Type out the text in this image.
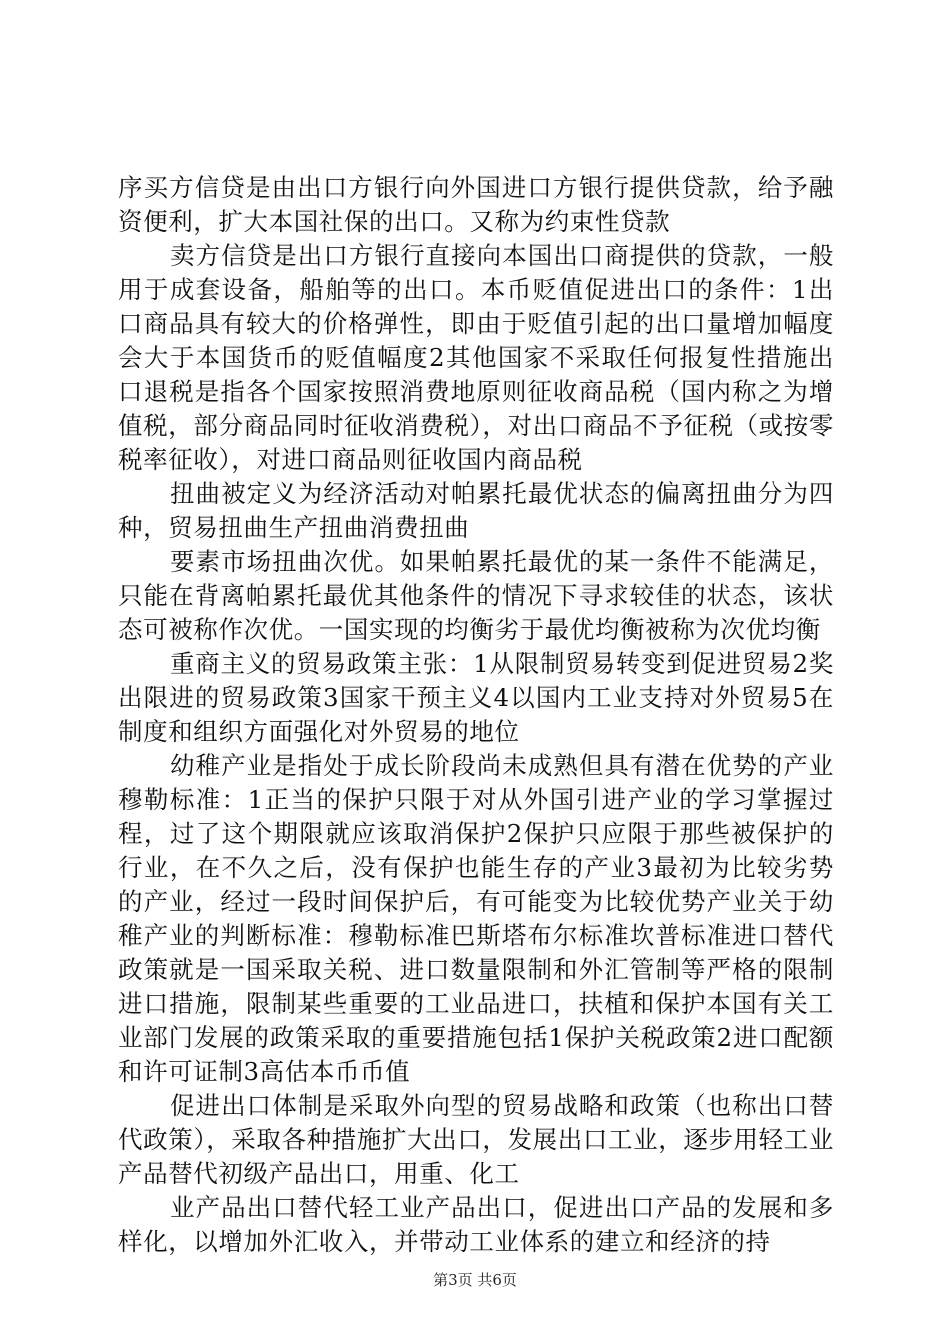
序买方信贷是由出口方银行向外国进口方银行提供贷款，给予融资便利，扩大本国社保的出口。又称为约束性贷款

卖方信贷是出口方银行直接向本国出口商提供的贷款，一般用于成套设备，船舶等的出口。本币贬值促进出口的条件：1出口商品具有较大的价格弹性，即由于贬值引起的出口量增加幅度会大于本国货币的贬值幅度2其他国家不采取任何报复性措施出口退税是指各个国家按照消费地原则征收商品税（国内称之为增值税，部分商品同时征收消费税），对出口商品不予征税（或按零税率征收），对进口商品则征收国内商品税

扭曲被定义为经济活动对帕累托最优状态的偏离扭曲分为四种，贸易扭曲生产扭曲消费扭曲

要素市场扭曲次优。如果帕累托最优的某一条件不能满足，只能在背离帕累托最优其他条件的情况下寻求较佳的状态，该状态可被称作次优。一国实现的均衡劣于最优均衡被称为次优均衡

重商主义的贸易政策主张：1从限制贸易转变到促进贸易2奖出限进的贸易政策3国家干预主义4以国内工业支持对外贸易5在制度和组织方面强化对外贸易的地位

幼稚产业是指处于成长阶段尚未成熟但具有潜在优势的产业穆勒标准：1正当的保护只限于对从外国引进产业的学习掌握过程，过了这个期限就应该取消保护2保护只应限于那些被保护的行业，在不久之后，没有保护也能生存的产业3最初为比较劣势的产业，经过一段时间保护后，有可能变为比较优势产业关于幼稚产业的判断标准：穆勒标准巴斯塔布尔标准坎普标准进口替代政策就是一国采取关税、进口数量限制和外汇管制等严格的限制进口措施，限制某些重要的工业品进口，扶植和保护本国有关工业部门发展的政策采取的重要措施包括1保护关税政策2进口配额和许可证制3高估本币币值

促进出口体制是采取外向型的贸易战略和政策（也称出口替代政策），采取各种措施扩大出口，发展出口工业，逐步用轻工业产品替代初级产品出口，用重、化工

业产品出口替代轻工业产品出口，促进出口产品的发展和多样化，以增加外汇收入，并带动工业体系的建立和经济的持

第3页 共6页
